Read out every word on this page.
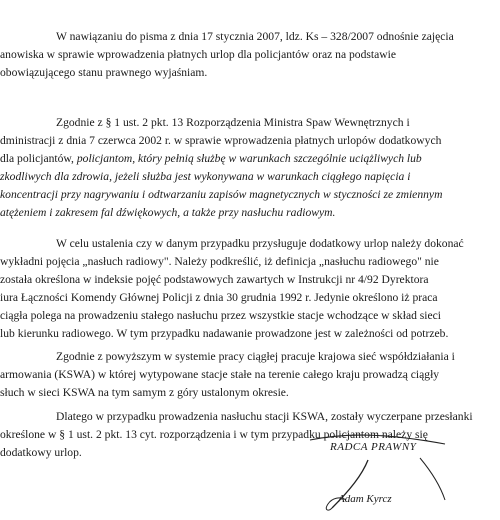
W nawiązaniu do pisma z dnia 17 stycznia 2007, ldz. Ks – 328/2007 odnośnie zajęcia
anowiska w sprawie wprowadzenia płatnych urlop dla policjantów oraz na podstawie
obowiązującego stanu prawnego wyjaśniam.
Zgodnie z § 1 ust. 2 pkt. 13 Rozporządzenia Ministra Spaw Wewnętrznych i
dministracji z dnia 7 czerwca 2002 r. w sprawie wprowadzenia płatnych urlopów dodatkowych
dla policjantów, policjantom, który pełnią służbę w warunkach szczególnie uciążliwych lub
zkodliwych dla zdrowia, jeżeli służba jest wykonywana w warunkach ciągłego napięcia i
koncentracji przy nagrywaniu i odtwarzaniu zapisów magnetycznych w styczności ze zmiennym
atężeniem i zakresem fal dźwiękowych, a także przy nasłuchu radiowym.
W celu ustalenia czy w danym przypadku przysługuje dodatkowy urlop należy dokonać
wykładni pojęcia „nasłuch radiowy". Należy podkreślić, iż definicja „nasłuchu radiowego" nie
została określona w indeksie pojęć podstawowych zawartych w Instrukcji nr 4/92 Dyrektora
iura Łączności Komendy Głównej Policji z dnia 30 grudnia 1992 r. Jedynie określono iż praca
ciągła polega na prowadzeniu stałego nasłuchu przez wszystkie stacje wchodzące w skład sieci
lub kierunku radiowego. W tym przypadku nadawanie prowadzone jest w zależności od potrzeb.
Zgodnie z powyższym w systemie pracy ciągłej pracuje krajowa sieć współdziałania i
armowania (KSWA) w której wytypowane stacje stałe na terenie całego kraju prowadzą ciągły
słuch w sieci KSWA na tym samym z góry ustalonym okresie.
Dlatego w przypadku prowadzenia nasłuchu stacji KSWA, zostały wyczerpane przesłanki
określone w § 1 ust. 2 pkt. 13 cyt. rozporządzenia i w tym przypadku policjantom należy się
dodatkowy urlop.	RADCA PRAWNY
Adam Kyrcz
